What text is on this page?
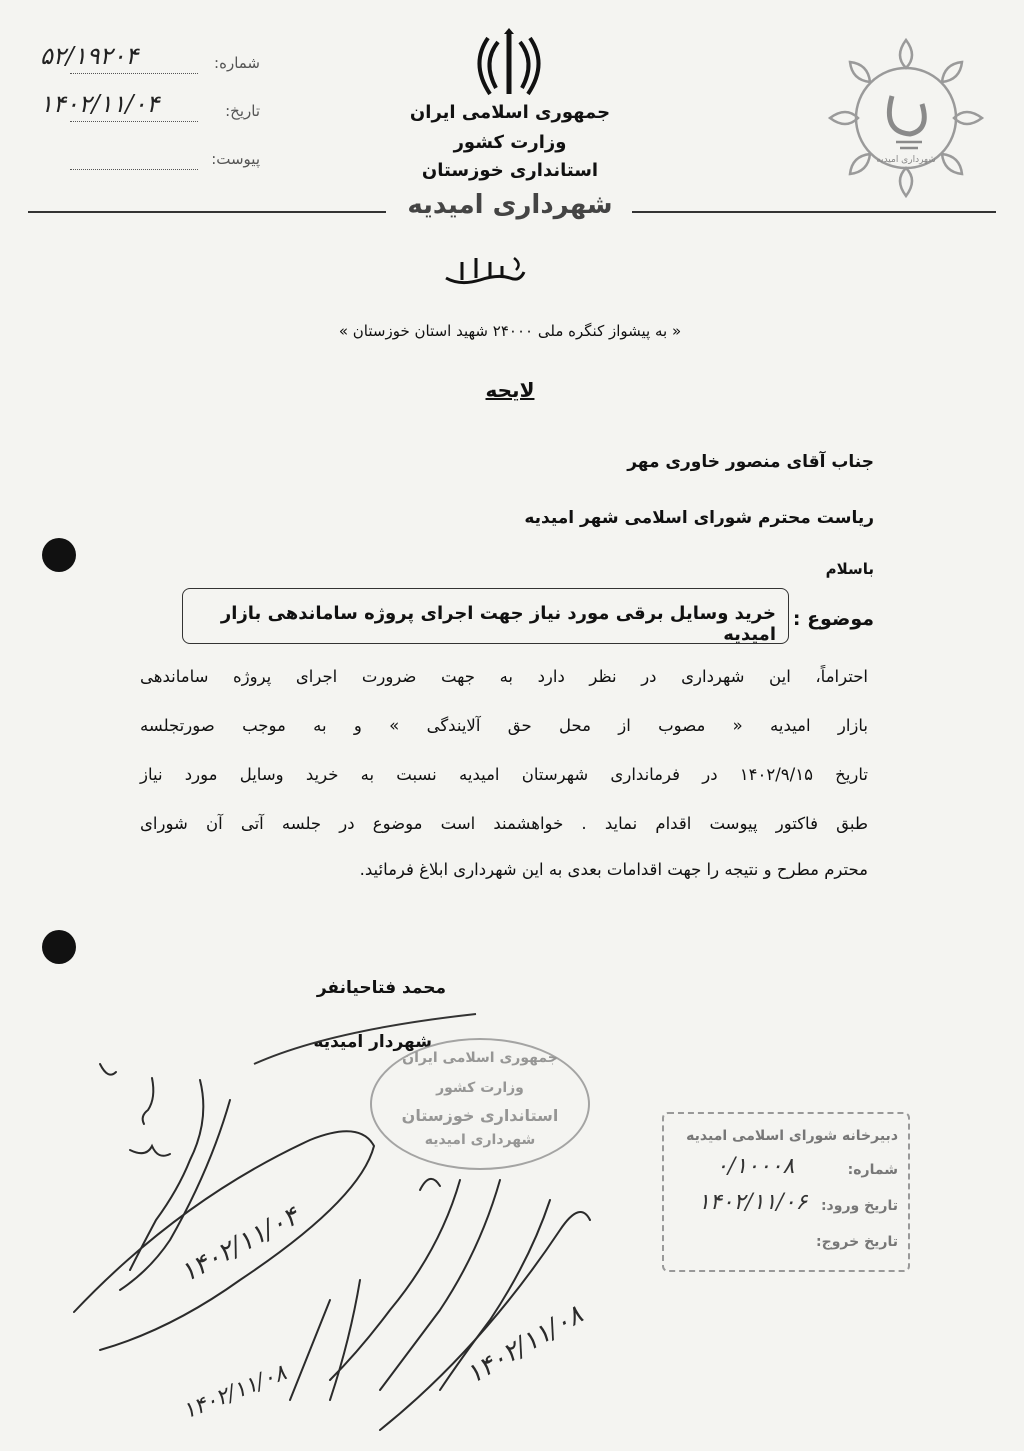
شماره:
۵۲/۱۹۲۰۴
تاریخ:
۱۴۰۲/۱۱/۰۴
پیوست:
جمهوری اسلامی ایران
وزارت کشور
استانداری خوزستان	شهرداری امیدیه
شهرداری امیدیه
« به پیشواز کنگره ملی ۲۴۰۰۰ شهید استان خوزستان »
لایحه
جناب آقای منصور خاوری مهر
ریاست محترم شورای اسلامی شهر امیدیه
باسلام
موضوع :
خرید وسایل برقی مورد نیاز جهت اجرای پروژه ساماندهی بازار امیدیه
احتراماً، این شهرداری در نظر دارد به جهت ضرورت اجرای پروژه ساماندهی
بازار امیدیه « مصوب از محل حق آلایندگی » و به موجب صورتجلسه
تاریخ ۱۴۰۲/۹/۱۵ در فرمانداری شهرستان امیدیه نسبت به خرید وسایل مورد نیاز
طبق فاکتور پیوست اقدام نماید . خواهشمند است موضوع در جلسه آتی آن شورای
محترم مطرح و نتیجه را جهت اقدامات بعدی به این شهرداری ابلاغ فرمائید.
محمد فتاحیانفر
شهردار امیدیه
جمهوری اسلامی ایران
وزارت کشور
استانداری خوزستان
شهرداری امیدیه	دبیرخانه شورای اسلامی امیدیه
شماره:
۰/۱۰۰۰۸
تاریخ ورود:
۱۴۰۲/۱۱/۰۶
تاریخ خروج:
۱۴۰۲/۱۱/۰۴
۱۴۰۲/۱۱/۰۸
۱۴۰۲/۱۱/۰۸
